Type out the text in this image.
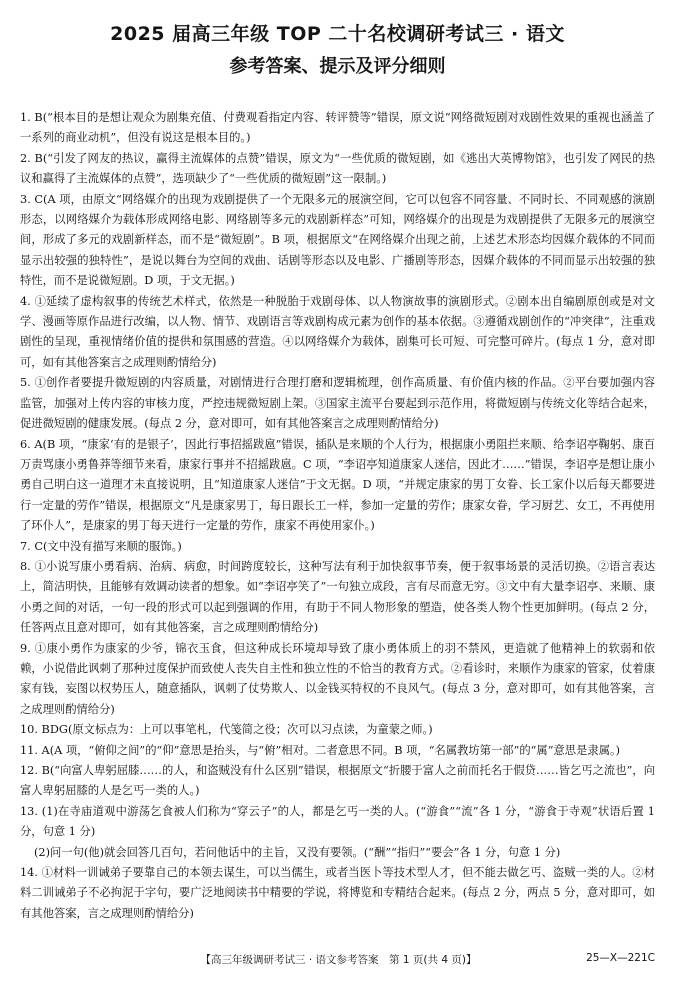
2025 届高三年级 TOP 二十名校调研考试三 · 语文
参考答案、提示及评分细则

1. B(“根本目的是想让观众为剧集充值、付费观看指定内容、转评赞等”错误，原文说“网络微短剧对戏剧性效果的重视也涵盖了一系列的商业动机”，但没有说这是根本目的。)

2. B(“引发了网友的热议，赢得主流媒体的点赞”错误，原文为“一些优质的微短剧，如《逃出大英博物馆》，也引发了网民的热议和赢得了主流媒体的点赞”，选项缺少了“一些优质的微短剧”这一限制。)

3. C(A 项，由原文“网络媒介的出现为戏剧提供了一个无限多元的展演空间，它可以包容不同容量、不同时长、不同观感的演剧形态，以网络媒介为载体形成网络电影、网络剧等多元的戏剧新样态”可知，网络媒介的出现是为戏剧提供了无限多元的展演空间，形成了多元的戏剧新样态，而不是“微短剧”。B 项，根据原文“在网络媒介出现之前，上述艺术形态均因媒介载体的不同而显示出较强的独特性”，是说以舞台为空间的戏曲、话剧等形态以及电影、广播剧等形态，因媒介载体的不同而显示出较强的独特性，而不是说微短剧。D 项，于文无据。)

4. ①延续了虚构叙事的传统艺术样式，依然是一种脱胎于戏剧母体、以人物演故事的演剧形式。②剧本出自编剧原创或是对文学、漫画等原作品进行改编，以人物、情节、戏剧语言等戏剧构成元素为创作的基本依据。③遵循戏剧创作的“冲突律”，注重戏剧性的呈现，重视情绪价值的提供和氛围感的营造。④以网络媒介为载体，剧集可长可短、可完整可碎片。(每点 1 分，意对即可，如有其他答案言之成理则酌情给分)

5. ①创作者要提升微短剧的内容质量，对剧情进行合理打磨和逻辑梳理，创作高质量、有价值内核的作品。②平台要加强内容监管，加强对上传内容的审核力度，严控违规微短剧上架。③国家主流平台要起到示范作用，将微短剧与传统文化等结合起来，促进微短剧的健康发展。(每点 2 分，意对即可，如有其他答案言之成理则酌情给分)

6. A(B 项，“康家‘有的是银子’，因此行事招摇跋扈”错误，插队是来顺的个人行为，根据康小勇阻拦来顺、给李诏亭鞠躬、康百万责骂康小勇鲁莽等细节来看，康家行事并不招摇跋扈。C 项，“李诏亭知道康家人迷信，因此才……”错误，李诏亭是想让康小勇自己明白这一道理才未直接说明，且“知道康家人迷信”于文无据。D 项，“并规定康家的男丁女眷、长工家仆以后每天都要进行一定量的劳作”错误，根据原文“凡是康家男丁，每日跟长工一样，参加一定量的劳作；康家女眷，学习厨艺、女工，不再使用了环仆人”，是康家的男丁每天进行一定量的劳作，康家不再使用家仆。)

7. C(文中没有描写来顺的服饰。)

8. ①小说写康小勇看病、治病、病愈，时间跨度较长，这种写法有利于加快叙事节奏，便于叙事场景的灵活切换。②语言表达上，简洁明快，且能够有效调动读者的想象。如“李诏亭笑了”一句独立成段，言有尽而意无穷。③文中有大量李诏亭、来顺、康小勇之间的对话，一句一段的形式可以起到强调的作用，有助于不同人物形象的塑造，使各类人物个性更加鲜明。(每点 2 分，任答两点且意对即可，如有其他答案，言之成理则酌情给分)

9. ①康小勇作为康家的少爷，锦衣玉食，但这种成长环境却导致了康小勇体质上的羽不禁风，更造就了他精神上的软弱和依赖，小说借此讽刺了那种过度保护而致使人丧失自主性和独立性的不恰当的教育方式。②看诊时，来顺作为康家的管家，仗着康家有钱，妄图以权势压人，随意插队，讽刺了仗势欺人、以金钱买特权的不良风气。(每点 3 分，意对即可，如有其他答案，言之成理则酌情给分)

10. BDG(原文标点为：上可以事笔札，代笺简之役；次可以习点读，为童蒙之师。)

11. A(A 项，“俯仰之间”的“仰”意思是抬头，与“俯”相对。二者意思不同。B 项，“名属教坊第一部”的“属”意思是隶属。)

12. B(“向富人卑躬屈膝……的人，和盗贼没有什么区别”错误，根据原文“折腰于富人之前而托名于假贷……皆乞丐之流也”，向富人卑躬屈膝的人是乞丐一类的人。)

13. (1)在寺庙道观中游荡乞食被人们称为“穿云子”的人，都是乞丐一类的人。(“游食”“流”各 1 分，“游食于寺观”状语后置 1 分，句意 1 分)

(2)问一句(他)就会回答几百句，若问他话中的主旨，又没有要领。(“酬”“指归”“要会”各 1 分，句意 1 分)

14. ①材料一训诫弟子要靠自己的本领去谋生，可以当儒生，或者当医卜等技术型人才，但不能去做乞丐、盗贼一类的人。②材料二训诫弟子不必拘泥于字句，要广泛地阅读书中精要的学说，将博览和专精结合起来。(每点 2 分，两点 5 分，意对即可，如有其他答案，言之成理则酌情给分)

【高三年级调研考试三 · 语文参考答案　第 1 页(共 4 页)】	25—X—221C
